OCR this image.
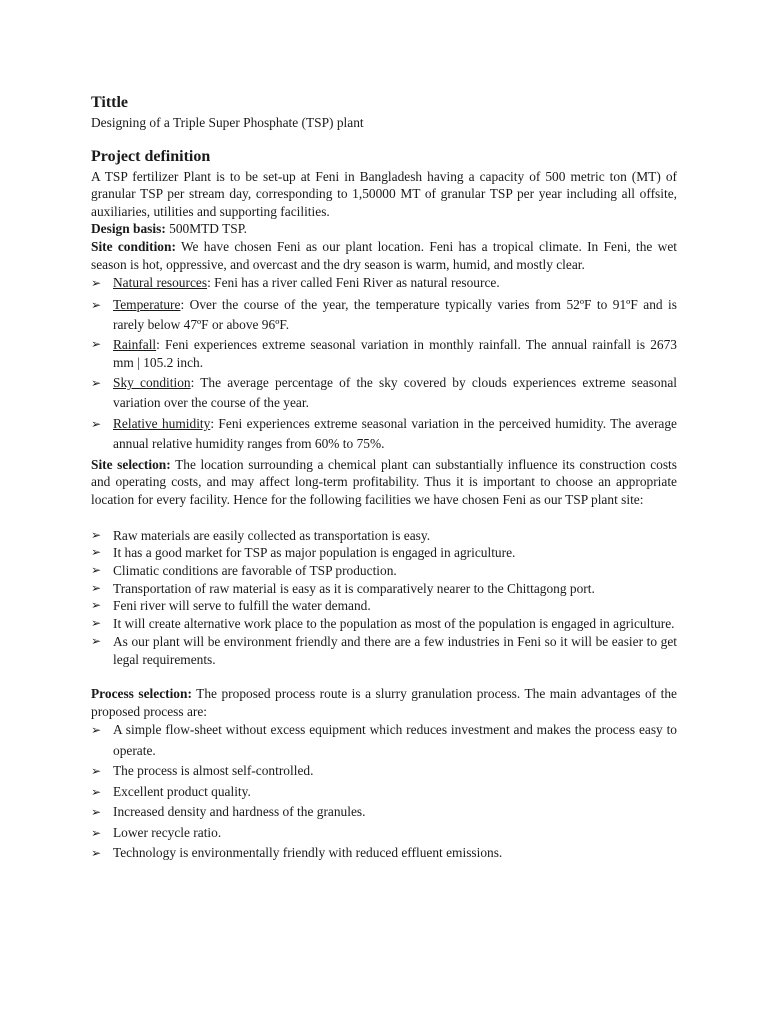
Tittle

Designing of a Triple Super Phosphate (TSP) plant

Project definition

A TSP fertilizer Plant is to be set-up at Feni in Bangladesh having a capacity of 500 metric ton (MT) of granular TSP per stream day, corresponding to 1,50000 MT of granular TSP per year including all offsite, auxiliaries, utilities and supporting facilities.

Design basis: 500MTD TSP.

Site condition: We have chosen Feni as our plant location. Feni has a tropical climate. In Feni, the wet season is hot, oppressive, and overcast and the dry season is warm, humid, and mostly clear.

➢ Natural resources: Feni has a river called Feni River as natural resource.
➢ Temperature: Over the course of the year, the temperature typically varies from 52ºF to 91ºF and is rarely below 47ºF or above 96ºF.
➢ Rainfall: Feni experiences extreme seasonal variation in monthly rainfall. The annual rainfall is 2673 mm | 105.2 inch.
➢ Sky condition: The average percentage of the sky covered by clouds experiences extreme seasonal variation over the course of the year.
➢ Relative humidity: Feni experiences extreme seasonal variation in the perceived humidity. The average annual relative humidity ranges from 60% to 75%.

Site selection: The location surrounding a chemical plant can substantially influence its construction costs and operating costs, and may affect long-term profitability. Thus it is important to choose an appropriate location for every facility. Hence for the following facilities we have chosen Feni as our TSP plant site:

➢ Raw materials are easily collected as transportation is easy.
➢ It has a good market for TSP as major population is engaged in agriculture.
➢ Climatic conditions are favorable of TSP production.
➢ Transportation of raw material is easy as it is comparatively nearer to the Chittagong port.
➢ Feni river will serve to fulfill the water demand.
➢ It will create alternative work place to the population as most of the population is engaged in agriculture.
➢ As our plant will be environment friendly and there are a few industries in Feni so it will be easier to get legal requirements.

Process selection: The proposed process route is a slurry granulation process. The main advantages of the proposed process are:

➢ A simple flow-sheet without excess equipment which reduces investment and makes the process easy to operate.
➢ The process is almost self-controlled.
➢ Excellent product quality.
➢ Increased density and hardness of the granules.
➢ Lower recycle ratio.
➢ Technology is environmentally friendly with reduced effluent emissions.
